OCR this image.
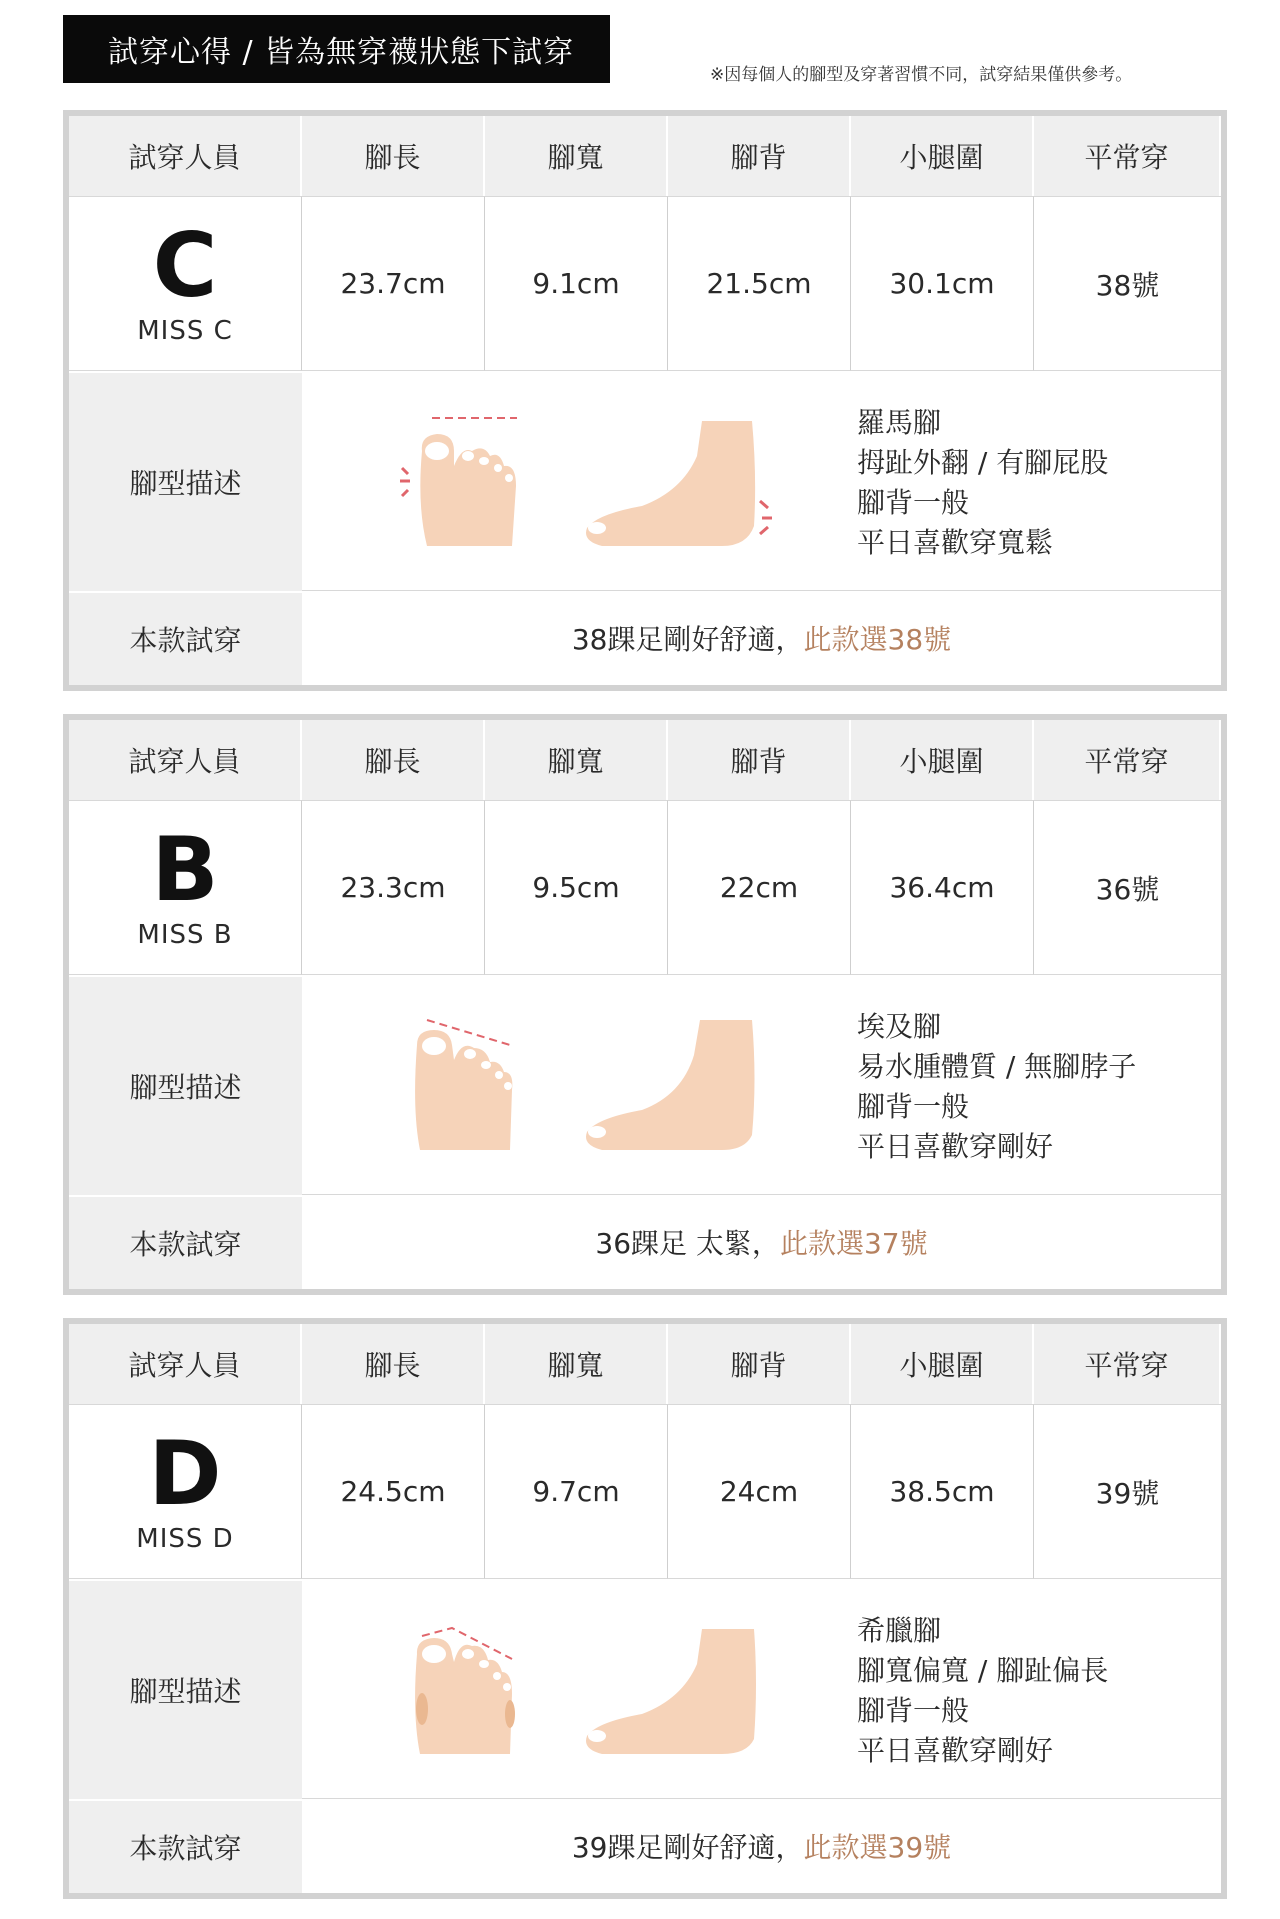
試穿心得 / 皆為無穿襪狀態下試穿
※因每個人的腳型及穿著習慣不同，試穿結果僅供參考。
試穿人員	腳長	腳寬	腳背	小腿圍	平常穿
C
MISS C
23.7cm	9.1cm	21.5cm	30.1cm	38號
腳型描述
羅馬腳
拇趾外翻 / 有腳屁股
腳背一般
平日喜歡穿寬鬆
本款試穿	38踝足剛好舒適， 此款選38號
試穿人員	腳長	腳寬	腳背	小腿圍	平常穿
B
MISS B
23.3cm	9.5cm	22cm	36.4cm	36號
腳型描述
埃及腳
易水腫體質 / 無腳脖子
腳背一般
平日喜歡穿剛好
本款試穿	36踝足 太緊， 此款選37號
試穿人員	腳長	腳寬	腳背	小腿圍	平常穿
D
MISS D
24.5cm	9.7cm	24cm	38.5cm	39號
腳型描述
希臘腳
腳寬偏寬 / 腳趾偏長
腳背一般
平日喜歡穿剛好
本款試穿	39踝足剛好舒適， 此款選39號
